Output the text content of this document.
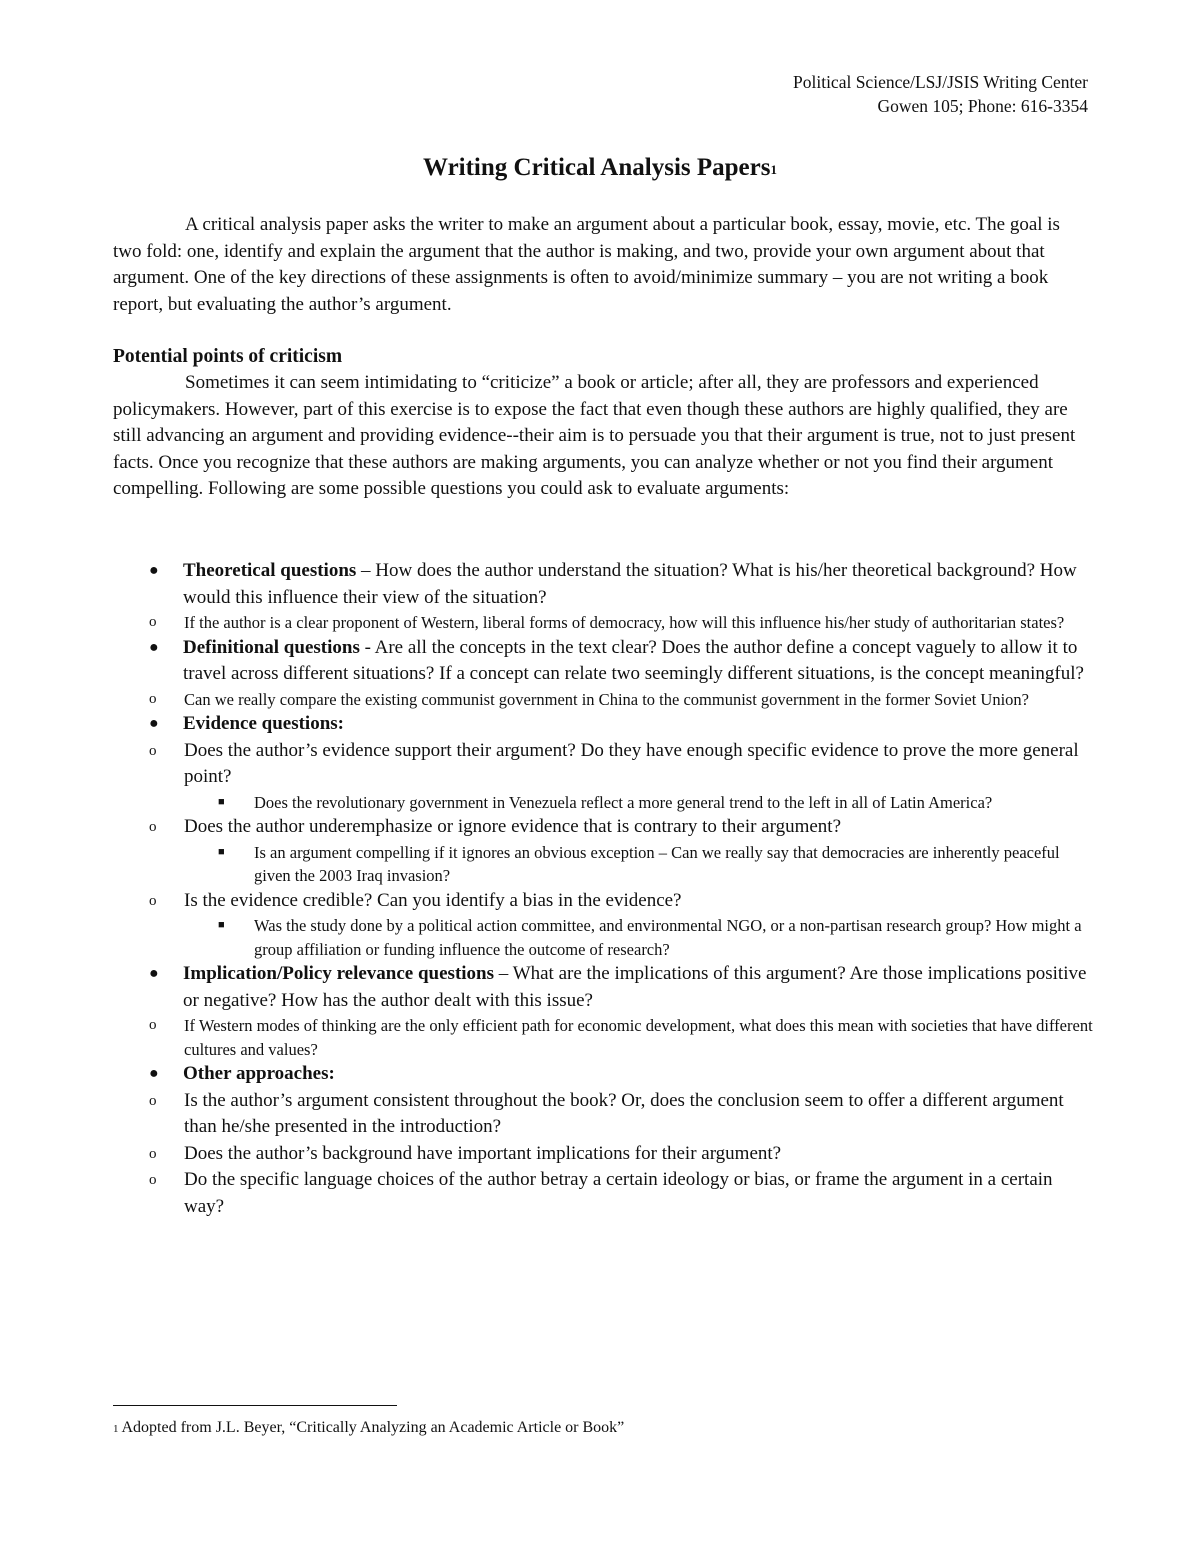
Political Science/LSJ/JSIS Writing Center
Gowen 105; Phone: 616-3354
Writing Critical Analysis Papers$^1$

A critical analysis paper asks the writer to make an argument about a particular book, essay, movie, etc. The goal is two fold: one, identify and explain the argument that the author is making, and two, provide your own argument about that argument. One of the key directions of these assignments is often to avoid/minimize summary – you are not writing a book report, but evaluating the author’s argument.

Potential points of criticism

Sometimes it can seem intimidating to “criticize” a book or article; after all, they are professors and experienced policymakers. However, part of this exercise is to expose the fact that even though these authors are highly qualified, they are still advancing an argument and providing evidence--their aim is to persuade you that their argument is true, not to just present facts. Once you recognize that these authors are making arguments, you can analyze whether or not you find their argument compelling. Following are some possible questions you could ask to evaluate arguments:

● Theoretical questions – How does the author understand the situation? What is his/her theoretical background? How would this influence their view of the situation?
o If the author is a clear proponent of Western, liberal forms of democracy, how will this influence his/her study of authoritarian states?
● Definitional questions - Are all the concepts in the text clear? Does the author define a concept vaguely to allow it to travel across different situations? If a concept can relate two seemingly different situations, is the concept meaningful?
o Can we really compare the existing communist government in China to the communist government in the former Soviet Union?
● Evidence questions:
o Does the author’s evidence support their argument? Do they have enough specific evidence to prove the more general point?
■ Does the revolutionary government in Venezuela reflect a more general trend to the left in all of Latin America?
o Does the author underemphasize or ignore evidence that is contrary to their argument?
■ Is an argument compelling if it ignores an obvious exception – Can we really say that democracies are inherently peaceful given the 2003 Iraq invasion?
o Is the evidence credible? Can you identify a bias in the evidence?
■ Was the study done by a political action committee, and environmental NGO, or a non-partisan research group? How might a group affiliation or funding influence the outcome of research?
● Implication/Policy relevance questions – What are the implications of this argument? Are those implications positive or negative? How has the author dealt with this issue?
o If Western modes of thinking are the only efficient path for economic development, what does this mean with societies that have different cultures and values?
● Other approaches:
o Is the author’s argument consistent throughout the book? Or, does the conclusion seem to offer a different argument than he/she presented in the introduction?
o Does the author’s background have important implications for their argument?
o Do the specific language choices of the author betray a certain ideology or bias, or frame the argument in a certain way?
$^1$ Adopted from J.L. Beyer, “Critically Analyzing an Academic Article or Book”
